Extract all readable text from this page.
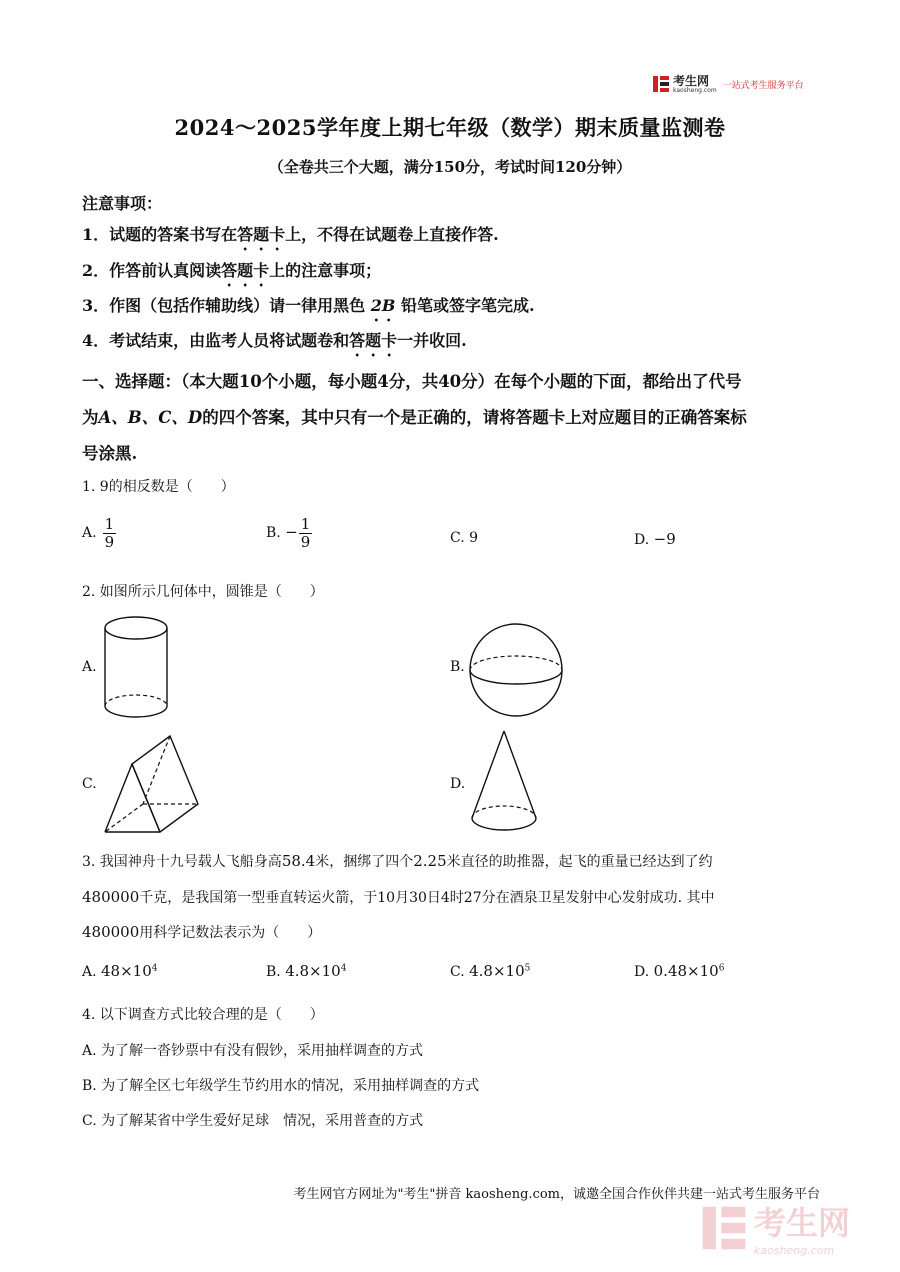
考生网
kaosheng.com 一站式考生服务平台
2024～2025学年度上期七年级（数学）期末质量监测卷
（全卷共三个大题，满分150分，考试时间120分钟）
注意事项：
1．试题的答案书写在答题卡上，不得在试题卷上直接作答.
2．作答前认真阅读答题卡上的注意事项；
3．作图（包括作辅助线）请一律用黑色 2B 铅笔或签字笔完成.
4．考试结束，由监考人员将试题卷和答题卡一并收回.
一、选择题：（本大题10个小题，每小题4分，共40分）在每个小题的下面，都给出了代号
为A、B、C、D的四个答案，其中只有一个是正确的，请将答题卡上对应题目的正确答案标
号涂黑.
1. 9的相反数是（　　）
A. $\frac{1}{9}$	B. − $\frac{1}{9}$	C. 9	D. −9
2. 如图所示几何体中，圆锥是（　　）
A.	B.
C.	D.
3. 我国神舟十九号载人飞船身高58.4米，捆绑了四个2.25米直径的助推器，起飞的重量已经达到了约
480000千克，是我国第一型垂直转运火箭，于10月30日4时27分在酒泉卫星发射中心发射成功. 其中
480000用科学记数法表示为（　　）
A. $48\times 10^4$	B. $4.8\times 10^4$	C. $4.8\times 10^5$	D. $0.48\times 10^6$
4. 以下调查方式比较合理的是（　　）
A. 为了解一沓钞票中有没有假钞，采用抽样调查的方式
B. 为了解全区七年级学生节约用水的情况，采用抽样调查的方式
C. 为了解某省中学生爱好足球　情况，采用普查的方式
考生网官方网址为"考生"拼音 kaosheng.com，诚邀全国合作伙伴共建一站式考生服务平台
考生网
kaosheng.com
